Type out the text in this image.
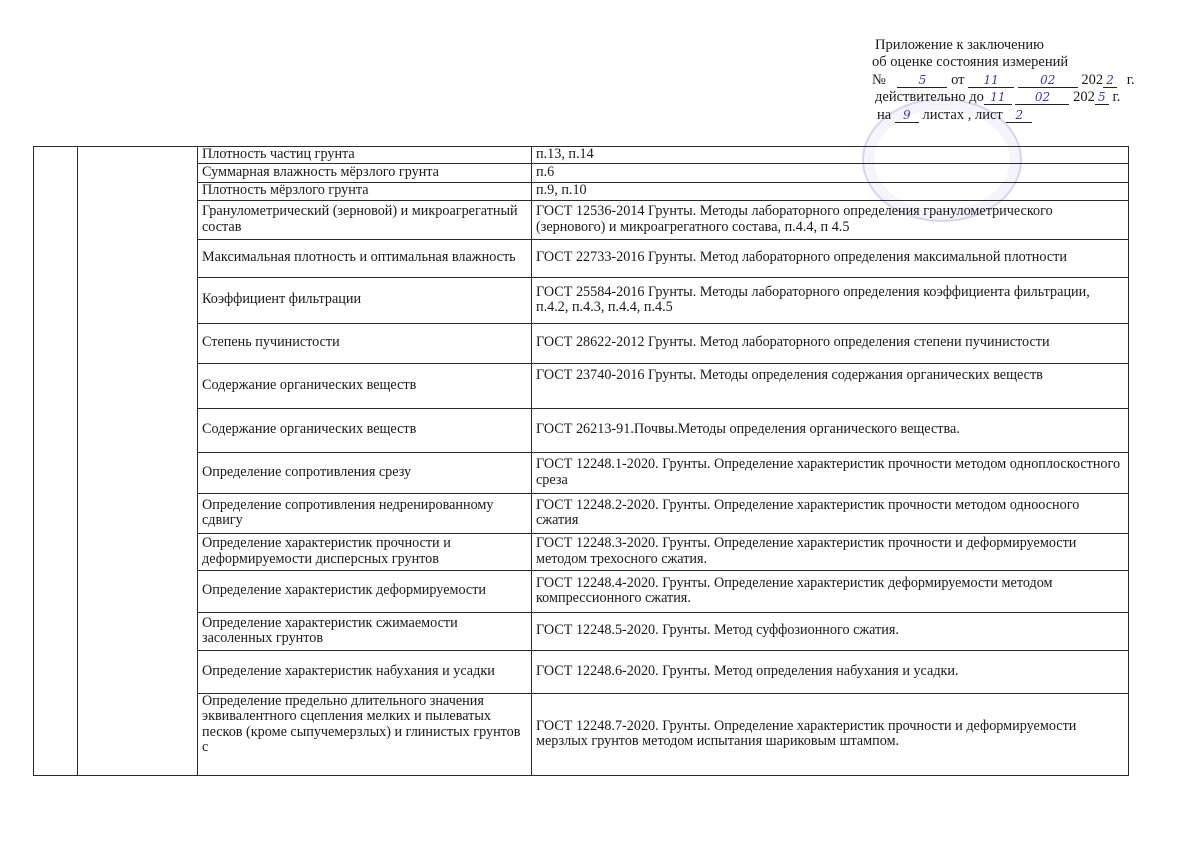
Приложение к заключению
об оценке состояния измерений
№	5 от 11	02 202 2 г.
действительно до 11 02 202 5 г.
на 9 листах , лист 2
		Плотность частиц грунта	п.13, п.14
		Суммарная влажность мёрзлого грунта	п.6
		Плотность мёрзлого грунта	п.9, п.10
		Гранулометрический (зерновой) и микроагрегатный состав	ГОСТ 12536-2014 Грунты. Методы лабораторного определения гранулометрического (зернового) и микроагрегатного состава, п.4.4, п 4.5
		Максимальная плотность и оптимальная влажность	ГОСТ 22733-2016 Грунты. Метод лабораторного определения максимальной плотности
		Коэффициент фильтрации	ГОСТ 25584-2016 Грунты. Методы лабораторного определения коэффициента фильтрации, п.4.2, п.4.3, п.4.4, п.4.5
		Степень пучинистости	ГОСТ 28622-2012 Грунты. Метод лабораторного определения степени пучинистости
		Содержание органических веществ	ГОСТ 23740-2016 Грунты. Методы определения содержания органических веществ
		Содержание органических веществ	ГОСТ 26213-91.Почвы.Методы определения органического вещества.
		Определение сопротивления срезу	ГОСТ 12248.1-2020. Грунты. Определение характеристик прочности методом одноплоскостного среза
		Определение сопротивления недренированному сдвигу	ГОСТ 12248.2-2020. Грунты. Определение характеристик прочности методом одноосного сжатия
		Определение характеристик прочности и деформируемости дисперсных грунтов	ГОСТ 12248.3-2020. Грунты. Определение характеристик прочности и деформируемости методом трехосного сжатия.
		Определение характеристик деформируемости	ГОСТ 12248.4-2020. Грунты. Определение характеристик деформируемости методом компрессионного сжатия.
		Определение характеристик сжимаемости засоленных грунтов	ГОСТ 12248.5-2020. Грунты. Метод суффозионного сжатия.
		Определение характеристик набухания и усадки	ГОСТ 12248.6-2020. Грунты. Метод определения набухания и усадки.
		Определение предельно длительного значения эквивалентного сцепления мелких и пылеватых песков (кроме сыпучемерзлых) и глинистых грунтов с	ГОСТ 12248.7-2020. Грунты. Определение характеристик прочности и деформируемости мерзлых грунтов методом испытания шариковым штампом.
